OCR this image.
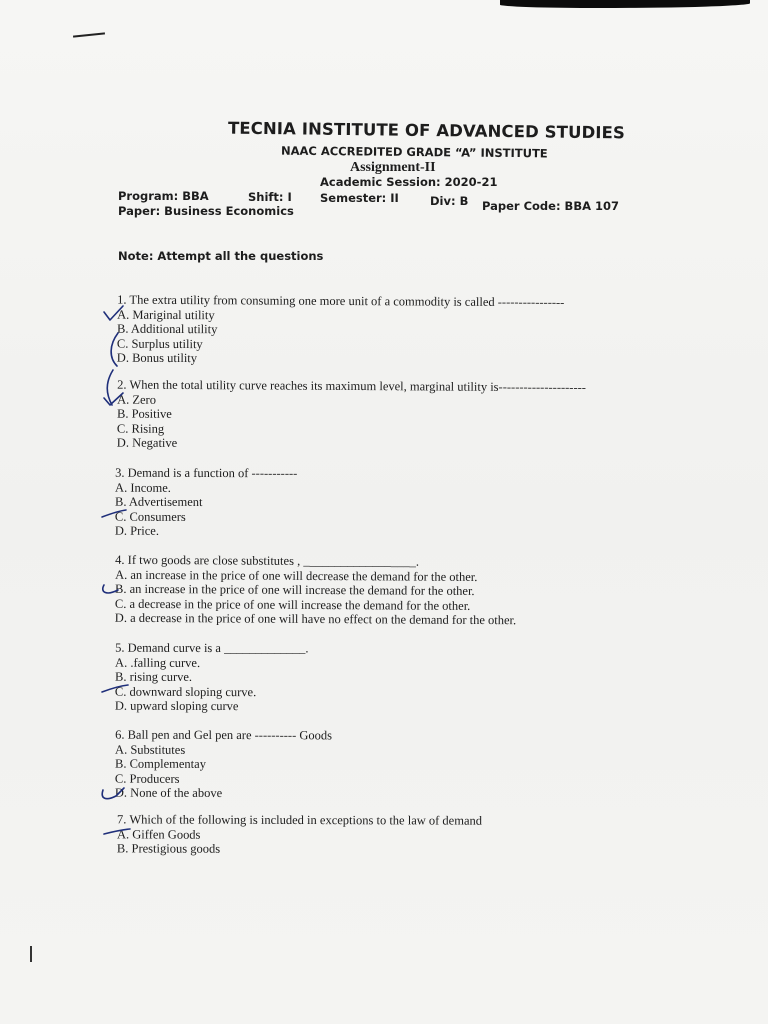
TECNIA INSTITUTE OF ADVANCED STUDIES
NAAC ACCREDITED GRADE “A” INSTITUTE
Assignment-II
Academic Session: 2020-21
Program: BBA	Shift: I Semester: II	Div: B Paper Code: BBA 107
Paper: Business Economics
Note: Attempt all the questions
1. The extra utility from consuming one more unit of a commodity is called ----------------
A. Mariginal utility
B. Additional utility
C. Surplus utility
D. Bonus utility
2. When the total utility curve reaches its maximum level, marginal utility is---------------------
A. Zero
B. Positive
C. Rising
D. Negative
3. Demand is a function of -----------
A. Income.
B. Advertisement
C. Consumers
D. Price.
4. If two goods are close substitutes , __________________.
A. an increase in the price of one will decrease the demand for the other.
B. an increase in the price of one will increase the demand for the other.
C. a decrease in the price of one will increase the demand for the other.
D. a decrease in the price of one will have no effect on the demand for the other.
5. Demand curve is a _____________.
A. .falling curve.
B. rising curve.
C. downward sloping curve.
D. upward sloping curve
6. Ball pen and Gel pen are ---------- Goods
A. Substitutes
B. Complementay
C. Producers
D. None of the above
7. Which of the following is included in exceptions to the law of demand
A. Giffen Goods
B. Prestigious goods
